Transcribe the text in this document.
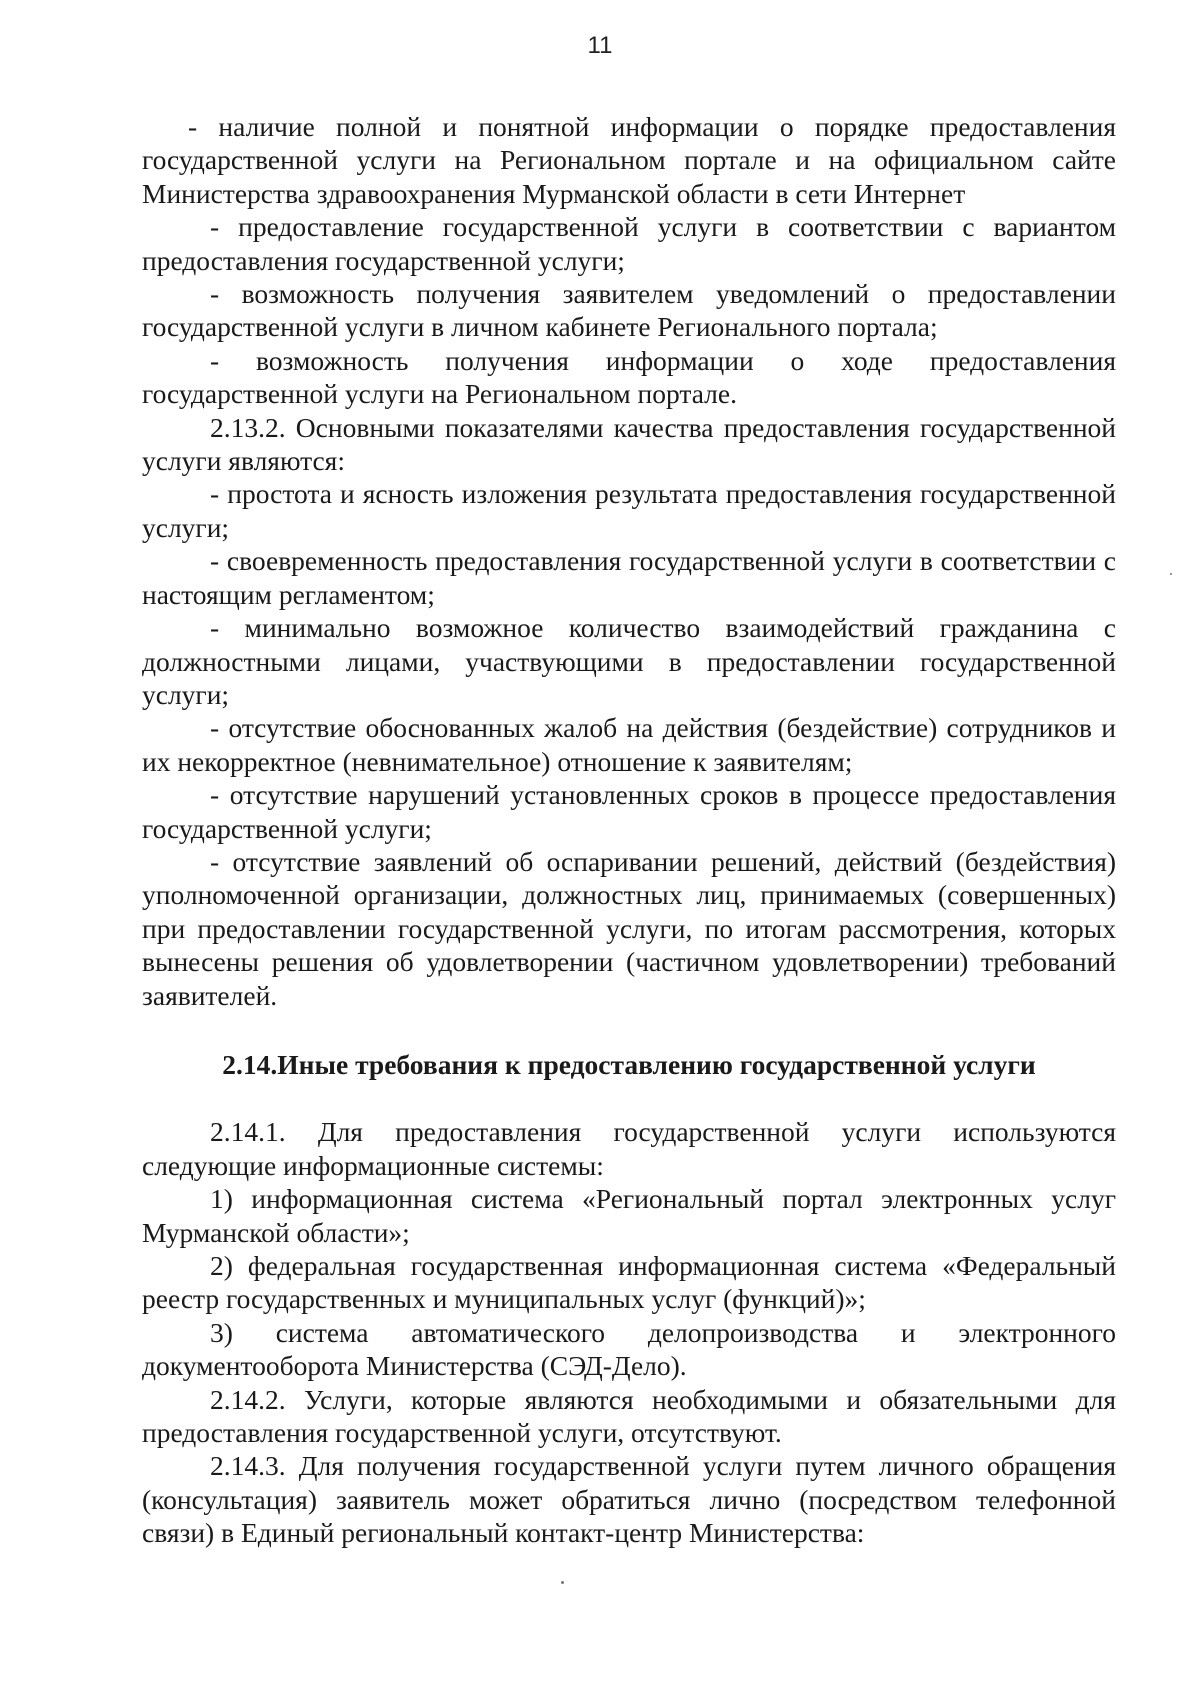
11

- наличие полной и понятной информации о порядке предоставления государственной услуги на Региональном портале и на официальном сайте Министерства здравоохранения Мурманской области в сети Интернет

- предоставление государственной услуги в соответствии с вариантом предоставления государственной услуги;

- возможность получения заявителем уведомлений о предоставлении государственной услуги в личном кабинете Регионального портала;

- возможность получения информации о ходе предоставления государственной услуги на Региональном портале.

2.13.2. Основными показателями качества предоставления государственной услуги являются:

- простота и ясность изложения результата предоставления государственной услуги;

- своевременность предоставления государственной услуги в соответствии с настоящим регламентом;

- минимально возможное количество взаимодействий гражданина с должностными лицами, участвующими в предоставлении государственной услуги;

- отсутствие обоснованных жалоб на действия (бездействие) сотрудников и их некорректное (невнимательное) отношение к заявителям;

- отсутствие нарушений установленных сроков в процессе предоставления государственной услуги;

- отсутствие заявлений об оспаривании решений, действий (бездействия) уполномоченной организации, должностных лиц, принимаемых (совершенных) при предоставлении государственной услуги, по итогам рассмотрения, которых вынесены решения об удовлетворении (частичном удовлетворении) требований заявителей.

2.14.Иные требования к предоставлению государственной услуги

2.14.1. Для предоставления государственной услуги используются следующие информационные системы:

1) информационная система «Региональный портал электронных услуг Мурманской области»;

2) федеральная государственная информационная система «Федеральный реестр государственных и муниципальных услуг (функций)»;

3) система автоматического делопроизводства и электронного документооборота Министерства (СЭД-Дело).

2.14.2. Услуги, которые являются необходимыми и обязательными для предоставления государственной услуги, отсутствуют.

2.14.3. Для получения государственной услуги путем личного обращения (консультация) заявитель может обратиться лично (посредством телефонной связи) в Единый региональный контакт-центр Министерства:
